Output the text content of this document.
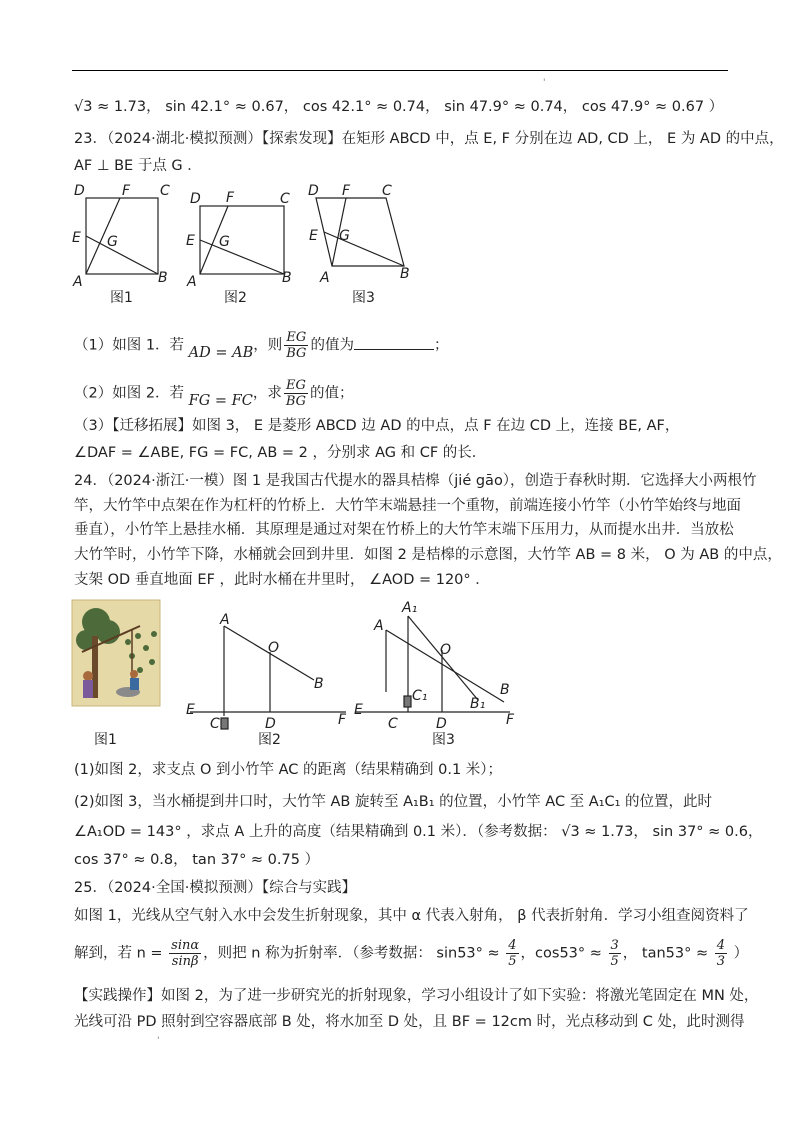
'
√3 ≈ 1.73， sin 42.1° ≈ 0.67， cos 42.1° ≈ 0.74， sin 47.9° ≈ 0.74， cos 47.9° ≈ 0.67 ）
23．（2024·湖北·模拟预测）【探索发现】在矩形 ABCD 中，点 E, F 分别在边 AD, CD 上， E 为 AD 的中点，
AF ⊥ BE 于点 G ．
D	F C
E G
A	B
D F	C
E G
A	B
D F C
E G
A	B
图1	图2	图3
（1）如图 1．若 AD = AB，则 $\frac{EG}{BG}$ 的值为	；
（2）如图 2．若 FG = FC，求 $\frac{EG}{BG}$ 的值；
（3）【迁移拓展】如图 3， E 是菱形 ABCD 边 AD 的中点，点 F 在边 CD 上，连接 BE, AF，
∠DAF = ∠ABE, FG = FC, AB = 2 ，分别求 AG 和 CF 的长．
24．（2024·浙江·一模）图 1 是我国古代提水的器具桔槔（jié gāo），创造于春秋时期．它选择大小两根竹
竿，大竹竿中点架在作为杠杆的竹桥上．大竹竿末端悬挂一个重物，前端连接小竹竿（小竹竿始终与地面
垂直），小竹竿上悬挂水桶．其原理是通过对架在竹桥上的大竹竿末端下压用力，从而提水出井．当放松
大竹竿时，小竹竿下降，水桶就会回到井里．如图 2 是桔槔的示意图，大竹竿 AB = 8 米， O 为 AB 的中点，
支架 OD 垂直地面 EF ，此时水桶在井里时， ∠AOD = 120° ．
A
O
B
E
C	D	F
A₁
A
O
C₁	B₁
B
E
C	D	F
图1	图2	图3
(1)如图 2，求支点 O 到小竹竿 AC 的距离（结果精确到 0.1 米）；
(2)如图 3，当水桶提到井口时，大竹竿 AB 旋转至 A₁B₁ 的位置，小竹竿 AC 至 A₁C₁ 的位置，此时
∠A₁OD = 143° ，求点 A 上升的高度（结果精确到 0.1 米）．（参考数据： √3 ≈ 1.73， sin 37° ≈ 0.6，
cos 37° ≈ 0.8， tan 37° ≈ 0.75 ）
25．（2024·全国·模拟预测）【综合与实践】
如图 1，光线从空气射入水中会发生折射现象，其中 α 代表入射角， β 代表折射角．学习小组查阅资料了
解到，若 $n = \frac{\sin\alpha}{\sin\beta}$ ，则把 n 称为折射率．（参考数据： $\sin 53^\circ \approx \frac{4}{5}$ ，$\cos 53^\circ \approx \frac{3}{5}$ ， $\tan 53^\circ \approx \frac{4}{3}$ ）
【实践操作】如图 2，为了进一步研究光的折射现象，学习小组设计了如下实验：将激光笔固定在 MN 处，
光线可沿 PD 照射到空容器底部 B 处，将水加至 D 处，且 BF = 12cm 时，光点移动到 C 处，此时测得
'
